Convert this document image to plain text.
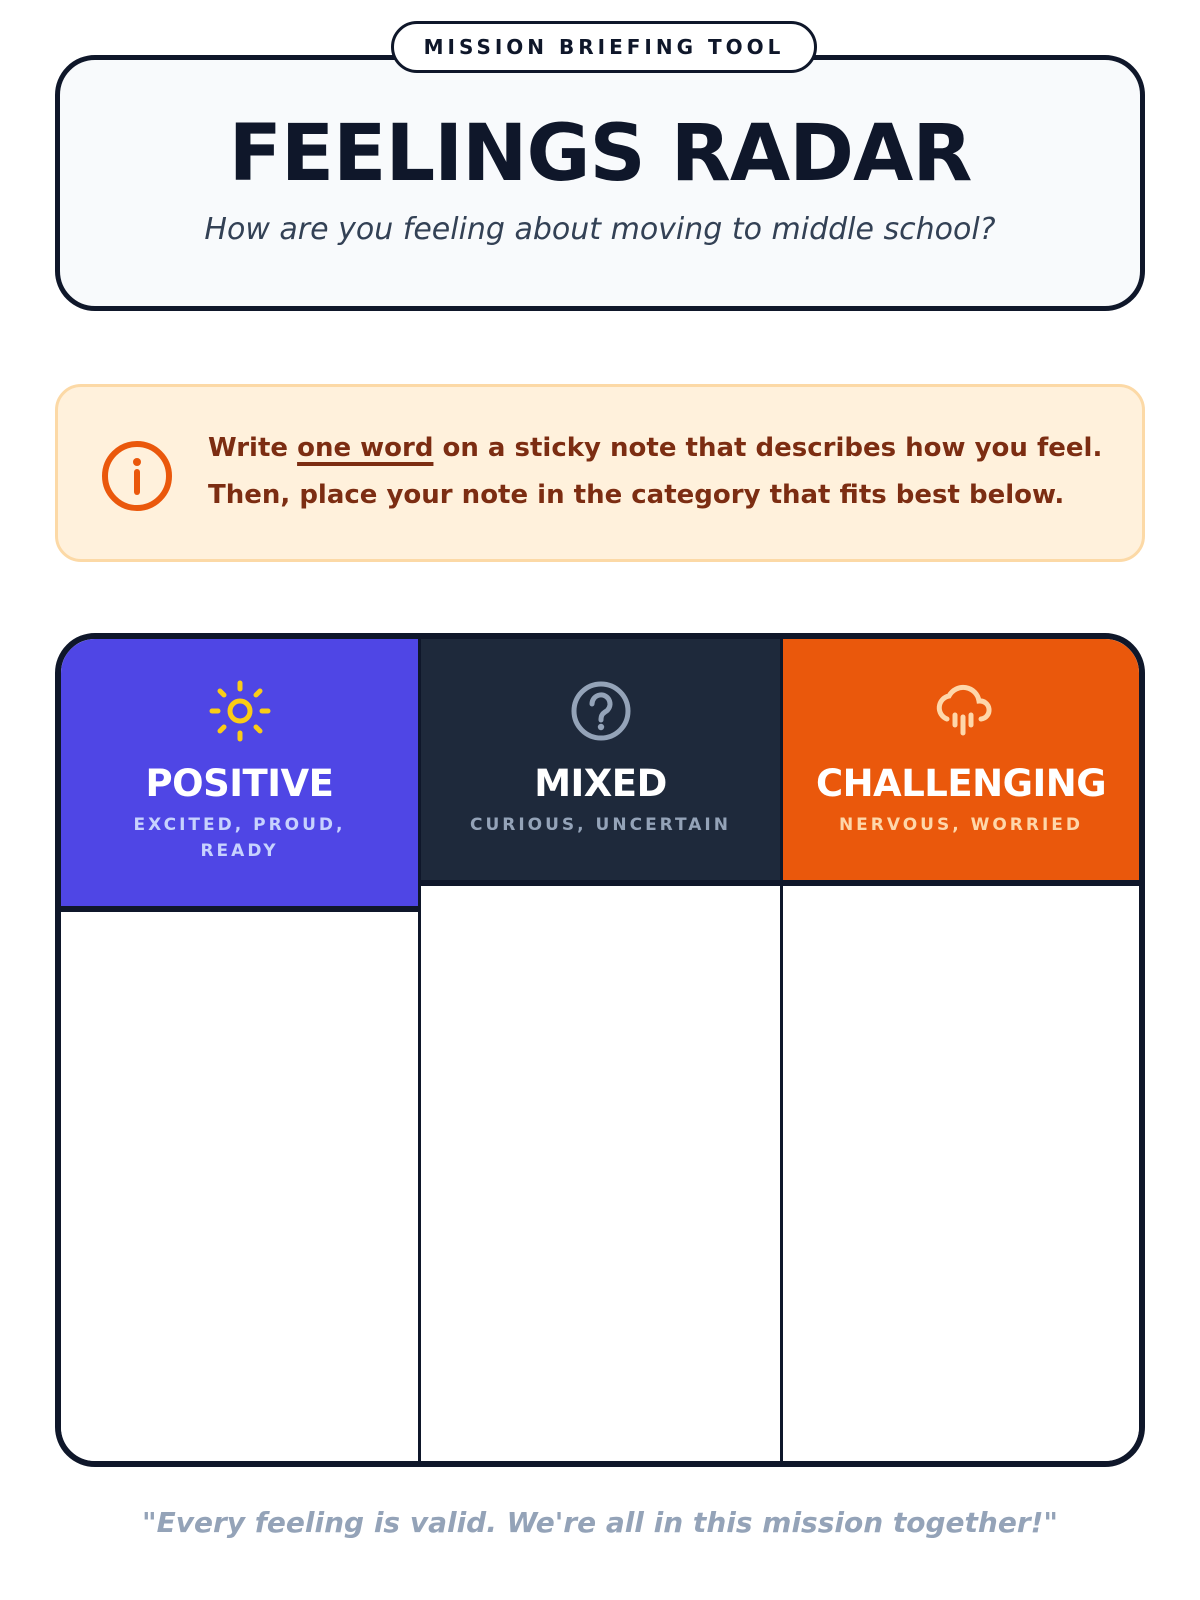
MISSION BRIEFING TOOL
FEELINGS RADAR
How are you feeling about moving to middle school?
Write one word on a sticky note that describes how you feel.
Then, place your note in the category that fits best below.
POSITIVE
EXCITED, PROUD, READY
MIXED
CURIOUS, UNCERTAIN
CHALLENGING
NERVOUS, WORRIED
"Every feeling is valid. We're all in this mission together!"
